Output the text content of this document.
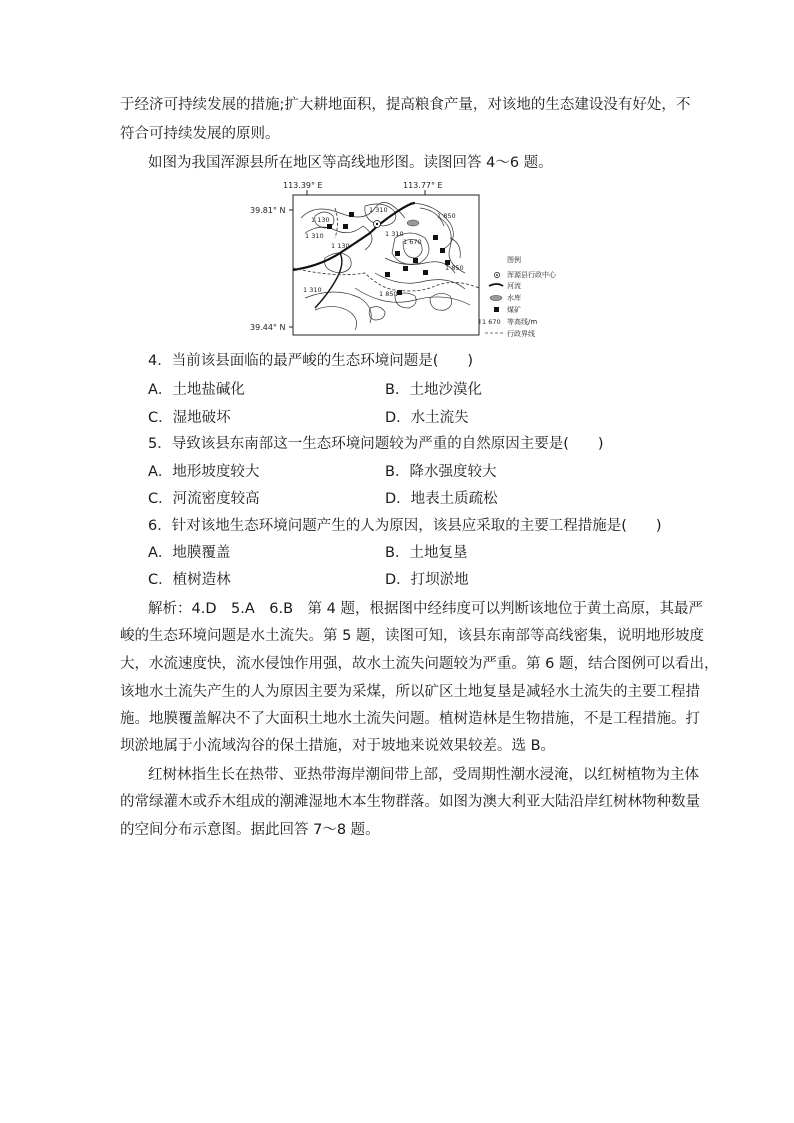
于经济可持续发展的措施;扩大耕地面积，提高粮食产量，对该地的生态建设没有好处，不
符合可持续发展的原则。
如图为我国浑源县所在地区等高线地形图。读图回答 4～6 题。
113.39° E	113.77° E
39.81° N
39.44° N
1 130
1 310
1 310
1 130
1 310
1 670
1 850
1 850
1 850
1 310
图例
浑源县行政中心
河流
水库
煤矿
1 670 等高线/m
行政界线
4．当前该县面临的最严峻的生态环境问题是(　　)
A．土地盐碱化	B．土地沙漠化
C．湿地破坏	D．水土流失
5．导致该县东南部这一生态环境问题较为严重的自然原因主要是(　　)
A．地形坡度较大	B．降水强度较大
C．河流密度较高	D．地表土质疏松
6．针对该地生态环境问题产生的人为原因，该县应采取的主要工程措施是(　　)
A．地膜覆盖	B．土地复垦
C．植树造林	D．打坝淤地
解析：4.D　5.A　6.B　第 4 题，根据图中经纬度可以判断该地位于黄土高原，其最严
峻的生态环境问题是水土流失。第 5 题，读图可知，该县东南部等高线密集，说明地形坡度
大，水流速度快，流水侵蚀作用强，故水土流失问题较为严重。第 6 题，结合图例可以看出，
该地水土流失产生的人为原因主要为采煤，所以矿区土地复垦是减轻水土流失的主要工程措
施。地膜覆盖解决不了大面积土地水土流失问题。植树造林是生物措施，不是工程措施。打
坝淤地属于小流域沟谷的保土措施，对于坡地来说效果较差。选 B。
红树林指生长在热带、亚热带海岸潮间带上部，受周期性潮水浸淹，以红树植物为主体
的常绿灌木或乔木组成的潮滩湿地木本生物群落。如图为澳大利亚大陆沿岸红树林物种数量
的空间分布示意图。据此回答 7～8 题。
